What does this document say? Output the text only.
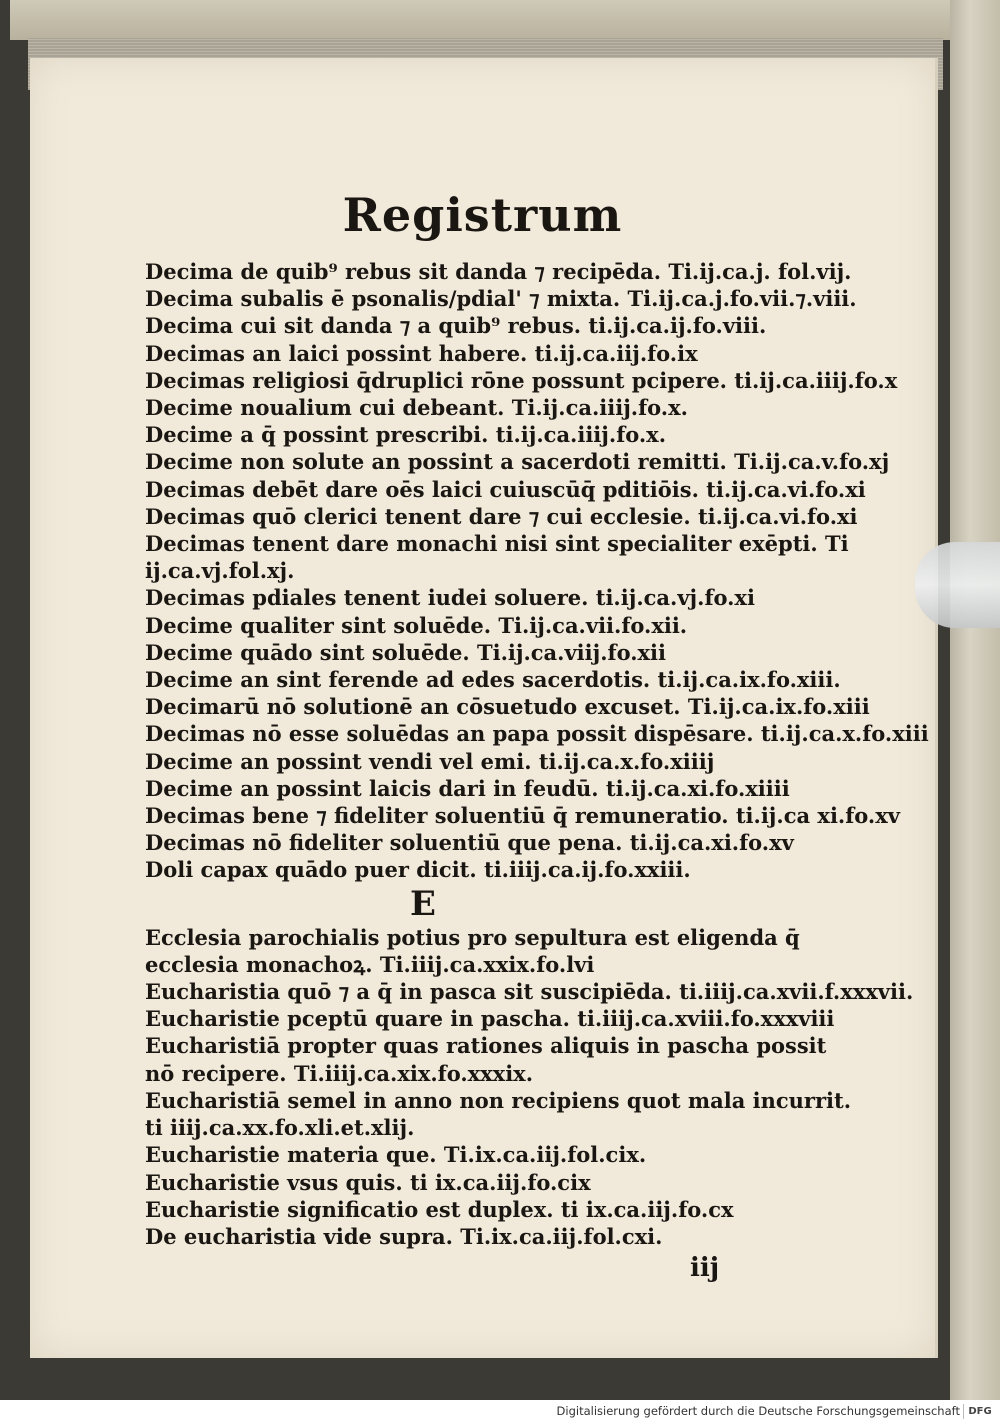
Registrum
Decima de quib⁹ rebus sit danda ⁊ recipēda. Ti.ij.ca.j. fol.vij.
Decima subalis ē psonalis/pdial' ⁊ mixta. Ti.ij.ca.j.fo.vii.⁊.viii.
Decima cui sit danda ⁊ a quib⁹ rebus. ti.ij.ca.ij.fo.viii.
Decimas an laici possint habere. ti.ij.ca.iij.fo.ix
Decimas religiosi q̄druplici rōne possunt pcipere. ti.ij.ca.iiij.fo.x
Decime noualium cui debeant. Ti.ij.ca.iiij.fo.x.
Decime a q̄ possint prescribi. ti.ij.ca.iiij.fo.x.
Decime non solute an possint a sacerdoti remitti. Ti.ij.ca.v.fo.xj
Decimas debēt dare oēs laici cuiuscūq̄ pditiōis. ti.ij.ca.vi.fo.xi
Decimas quō clerici tenent dare ⁊ cui ecclesie. ti.ij.ca.vi.fo.xi
Decimas tenent dare monachi nisi sint specialiter exēpti. Ti ij.ca.vj.fol.xj.
Decimas pdiales tenent iudei soluere. ti.ij.ca.vj.fo.xi
Decime qualiter sint soluēde. Ti.ij.ca.vii.fo.xii.
Decime quādo sint soluēde. Ti.ij.ca.viij.fo.xii
Decime an sint ferende ad edes sacerdotis. ti.ij.ca.ix.fo.xiii.
Decimarū nō solutionē an cōsuetudo excuset. Ti.ij.ca.ix.fo.xiii
Decimas nō esse soluēdas an papa possit dispēsare. ti.ij.ca.x.fo.xiii
Decime an possint vendi vel emi. ti.ij.ca.x.fo.xiiij
Decime an possint laicis dari in feudū. ti.ij.ca.xi.fo.xiiii
Decimas bene ⁊ fideliter soluentiū q̄ remuneratio. ti.ij.ca xi.fo.xv
Decimas nō fideliter soluentiū que pena. ti.ij.ca.xi.fo.xv
Doli capax quādo puer dicit. ti.iiij.ca.ij.fo.xxiii.
E
Ecclesia parochialis potius pro sepultura est eligenda q̄ ecclesia monachoꝝ. Ti.iiij.ca.xxix.fo.lvi
Eucharistia quō ⁊ a q̄ in pasca sit suscipiēda. ti.iiij.ca.xvii.f.xxxvii.
Eucharistie pceptū quare in pascha. ti.iiij.ca.xviii.fo.xxxviii
Eucharistiā propter quas rationes aliquis in pascha possit nō recipere. Ti.iiij.ca.xix.fo.xxxix.
Eucharistiā semel in anno non recipiens quot mala incurrit. ti iiij.ca.xx.fo.xli.et.xlij.
Eucharistie materia que. Ti.ix.ca.iij.fol.cix.
Eucharistie vsus quis. ti ix.ca.iij.fo.cix
Eucharistie significatio est duplex. ti ix.ca.iij.fo.cx
De eucharistia vide supra. Ti.ix.ca.iij.fol.cxi.
iij
Digitalisierung gefördert durch die Deutsche Forschungsgemeinschaft DFG
